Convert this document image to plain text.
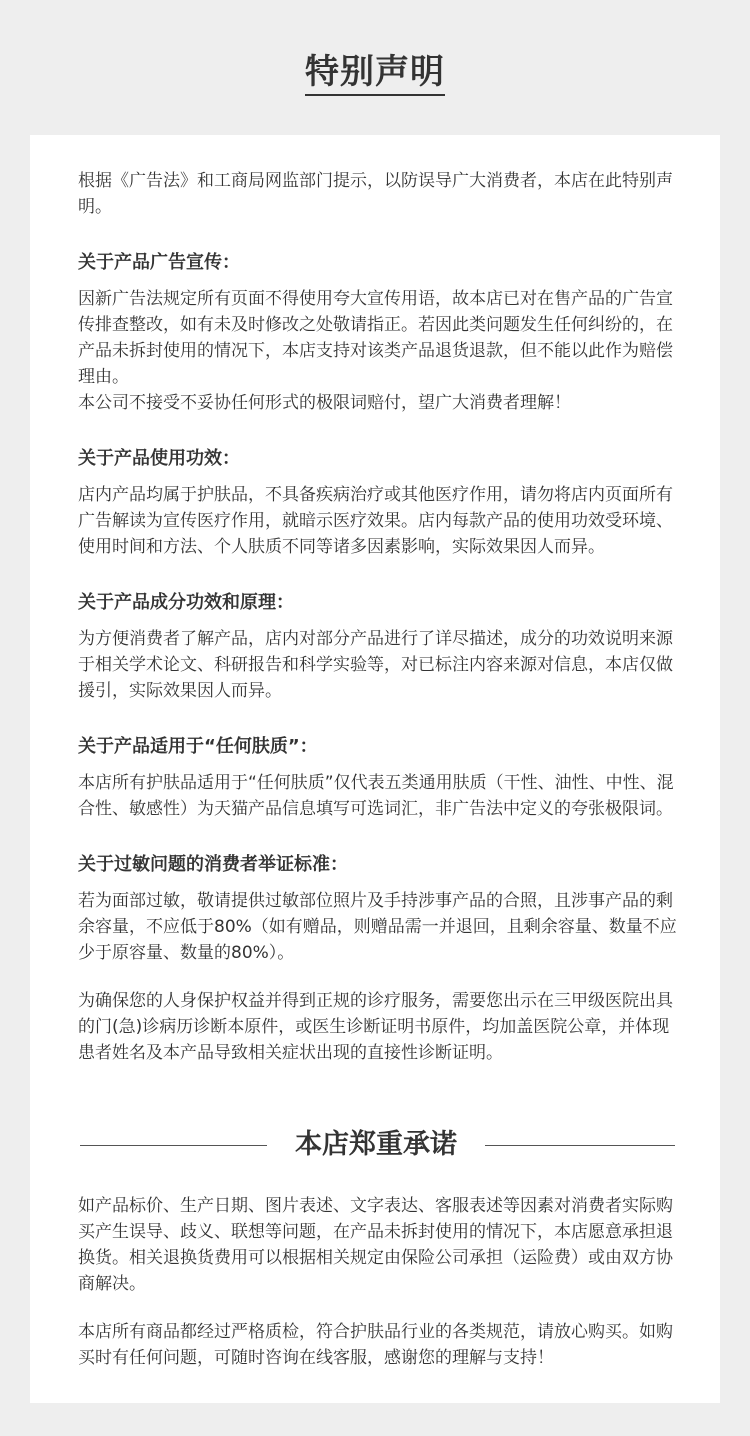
特别声明

根据《广告法》和工商局网监部门提示，以防误导广大消费者，本店在此特别声明。

关于产品广告宣传：

因新广告法规定所有页面不得使用夸大宣传用语，故本店已对在售产品的广告宣传排查整改，如有未及时修改之处敬请指正。若因此类问题发生任何纠纷的，在产品未拆封使用的情况下，本店支持对该类产品退货退款，但不能以此作为赔偿理由。

本公司不接受不妥协任何形式的极限词赔付，望广大消费者理解！

关于产品使用功效：

店内产品均属于护肤品，不具备疾病治疗或其他医疗作用，请勿将店内页面所有广告解读为宣传医疗作用，就暗示医疗效果。店内每款产品的使用功效受环境、使用时间和方法、个人肤质不同等诸多因素影响，实际效果因人而异。

关于产品成分功效和原理：

为方便消费者了解产品，店内对部分产品进行了详尽描述，成分的功效说明来源于相关学术论文、科研报告和科学实验等，对已标注内容来源对信息，本店仅做援引，实际效果因人而异。

关于产品适用于“任何肤质”：

本店所有护肤品适用于“任何肤质”仅代表五类通用肤质（干性、油性、中性、混合性、敏感性）为天猫产品信息填写可选词汇，非广告法中定义的夸张极限词。

关于过敏问题的消费者举证标准：

若为面部过敏，敬请提供过敏部位照片及手持涉事产品的合照，且涉事产品的剩余容量，不应低于80%（如有赠品，则赠品需一并退回，且剩余容量、数量不应少于原容量、数量的80%）。

为确保您的人身保护权益并得到正规的诊疗服务，需要您出示在三甲级医院出具的门(急)诊病历诊断本原件，或医生诊断证明书原件，均加盖医院公章，并体现患者姓名及本产品导致相关症状出现的直接性诊断证明。

本店郑重承诺

如产品标价、生产日期、图片表述、文字表达、客服表述等因素对消费者实际购买产生误导、歧义、联想等问题，在产品未拆封使用的情况下，本店愿意承担退换货。相关退换货费用可以根据相关规定由保险公司承担（运险费）或由双方协商解决。

本店所有商品都经过严格质检，符合护肤品行业的各类规范，请放心购买。如购买时有任何问题，可随时咨询在线客服，感谢您的理解与支持！
